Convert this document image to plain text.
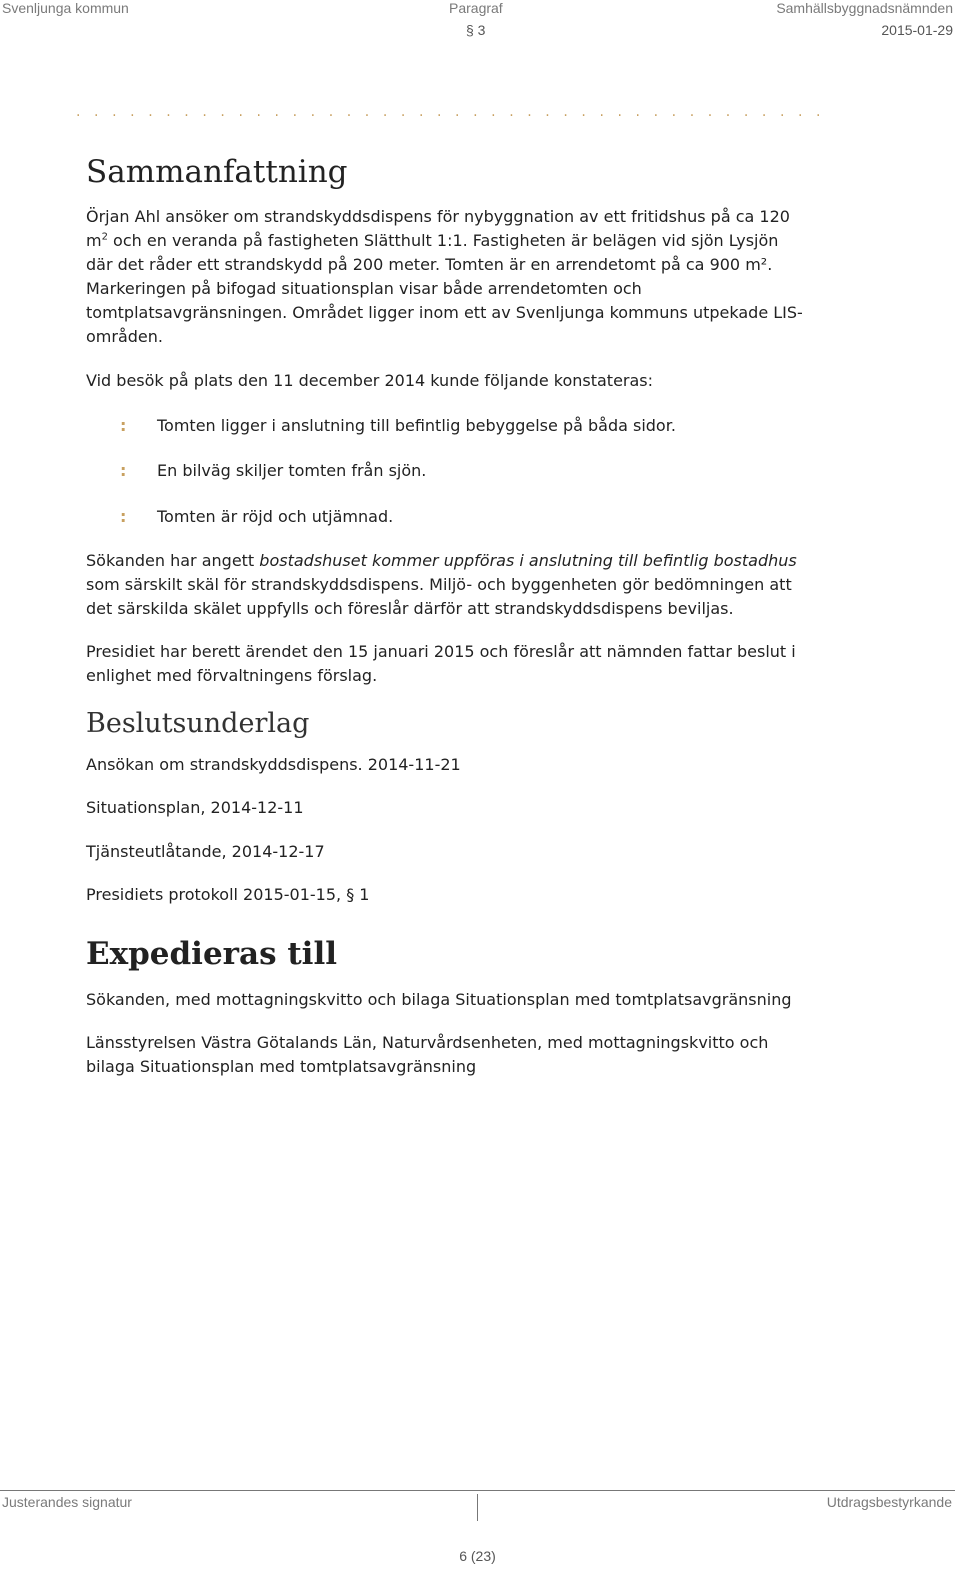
Svenljunga kommun	Paragraf	Samhällsbyggnadsnämnden
§ 3	2015-01-29
..........................................
Sammanfattning
Örjan Ahl ansöker om strandskyddsdispens för nybyggnation av ett fritidshus på ca 120
$m^2$ och en veranda på fastigheten Slätthult 1:1. Fastigheten är belägen vid sjön Lysjön
där det råder ett strandskydd på 200 meter. Tomten är en arrendetomt på ca 900 m².
Markeringen på bifogad situationsplan visar både arrendetomten och
tomtplatsavgränsningen. Området ligger inom ett av Svenljunga kommuns utpekade LIS-
områden.
Vid besök på plats den 11 december 2014 kunde följande konstateras:
: Tomten ligger i anslutning till befintlig bebyggelse på båda sidor.
: En bilväg skiljer tomten från sjön.
: Tomten är röjd och utjämnad.
Sökanden har angett bostadshuset kommer uppföras i anslutning till befintlig bostadhus
som särskilt skäl för strandskyddsdispens. Miljö- och byggenheten gör bedömningen att
det särskilda skälet uppfylls och föreslår därför att strandskyddsdispens beviljas.
Presidiet har berett ärendet den 15 januari 2015 och föreslår att nämnden fattar beslut i
enlighet med förvaltningens förslag.
Beslutsunderlag
Ansökan om strandskyddsdispens. 2014-11-21
Situationsplan, 2014-12-11
Tjänsteutlåtande, 2014-12-17
Presidiets protokoll 2015-01-15, § 1
Expedieras till
Sökanden, med mottagningskvitto och bilaga Situationsplan med tomtplatsavgränsning
Länsstyrelsen Västra Götalands Län, Naturvårdsenheten, med mottagningskvitto och
bilaga Situationsplan med tomtplatsavgränsning
Justerandes signatur	Utdragsbestyrkande
6 (23)
